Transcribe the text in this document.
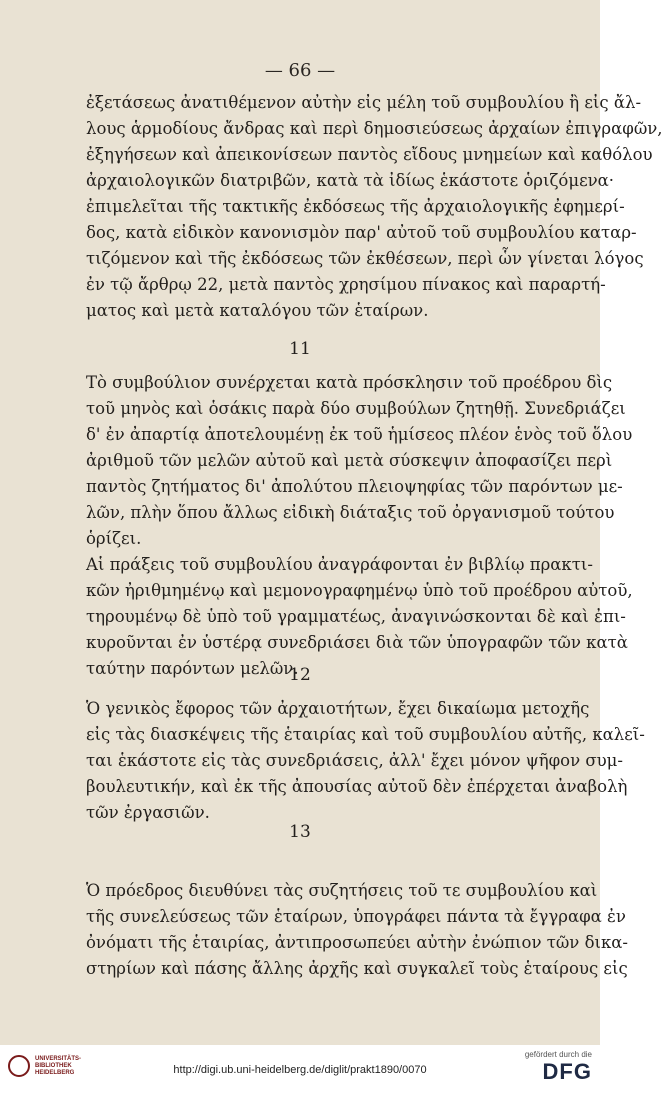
— 66 —
ἐξετάσεως ἀνατιθέμενον αὐτὴν εἰς μέλη τοῦ συμβουλίου ἢ εἰς ἄλ-
λους ἁρμοδίους ἄνδρας καὶ περὶ δημοσιεύσεως ἀρχαίων ἐπιγραφῶν,
ἐξηγήσεων καὶ ἀπεικονίσεων παντὸς εἴδους μνημείων καὶ καθόλου
ἀρχαιολογικῶν διατριβῶν, κατὰ τὰ ἰδίως ἑκάστοτε ὁριζόμενα·
ἐπιμελεῖται τῆς τακτικῆς ἐκδόσεως τῆς ἀρχαιολογικῆς ἐφημερί-
δος, κατὰ εἰδικὸν κανονισμὸν παρ' αὐτοῦ τοῦ συμβουλίου καταρ-
τιζόμενον καὶ τῆς ἐκδόσεως τῶν ἐκθέσεων, περὶ ὧν γίνεται λόγος
ἐν τῷ ἄρθρῳ 22, μετὰ παντὸς χρησίμου πίνακος καὶ παραρτή-
ματος καὶ μετὰ καταλόγου τῶν ἑταίρων.
11
Τὸ συμβούλιον συνέρχεται κατὰ πρόσκλησιν τοῦ προέδρου δὶς
τοῦ μηνὸς καὶ ὁσάκις παρὰ δύο συμβούλων ζητηθῇ. Συνεδριάζει
δ' ἐν ἀπαρτίᾳ ἀποτελουμένῃ ἐκ τοῦ ἡμίσεος πλέον ἑνὸς τοῦ ὅλου
ἀριθμοῦ τῶν μελῶν αὐτοῦ καὶ μετὰ σύσκεψιν ἀποφασίζει περὶ
παντὸς ζητήματος δι' ἀπολύτου πλειοψηφίας τῶν παρόντων με-
λῶν, πλὴν ὅπου ἄλλως εἰδικὴ διάταξις τοῦ ὀργανισμοῦ τούτου
ὁρίζει.
Αἱ πράξεις τοῦ συμβουλίου ἀναγράφονται ἐν βιβλίῳ πρακτι-
κῶν ἠριθμημένῳ καὶ μεμονογραφημένῳ ὑπὸ τοῦ προέδρου αὐτοῦ,
τηρουμένῳ δὲ ὑπὸ τοῦ γραμματέως, ἀναγινώσκονται δὲ καὶ ἐπι-
κυροῦνται ἐν ὑστέρᾳ συνεδριάσει διὰ τῶν ὑπογραφῶν τῶν κατὰ
ταύτην παρόντων μελῶν.
12
Ὁ γενικὸς ἔφορος τῶν ἀρχαιοτήτων, ἔχει δικαίωμα μετοχῆς
εἰς τὰς διασκέψεις τῆς ἑταιρίας καὶ τοῦ συμβουλίου αὐτῆς, καλεῖ-
ται ἑκάστοτε εἰς τὰς συνεδριάσεις, ἀλλ' ἔχει μόνον ψῆφον συμ-
βουλευτικήν, καὶ ἐκ τῆς ἀπουσίας αὐτοῦ δὲν ἐπέρχεται ἀναβολὴ
τῶν ἐργασιῶν.
13
Ὁ πρόεδρος διευθύνει τὰς συζητήσεις τοῦ τε συμβουλίου καὶ
τῆς συνελεύσεως τῶν ἑταίρων, ὑπογράφει πάντα τὰ ἔγγραφα ἐν
ὀνόματι τῆς ἑταιρίας, ἀντιπροσωπεύει αὐτὴν ἐνώπιον τῶν δικα-
στηρίων καὶ πάσης ἄλλης ἀρχῆς καὶ συγκαλεῖ τοὺς ἑταίρους εἰς
UNIVERSITÄTS-
BIBLIOTHEK
HEIDELBERG	http://digi.ub.uni-heidelberg.de/diglit/prakt1890/0070
gefördert durch die
DFG
